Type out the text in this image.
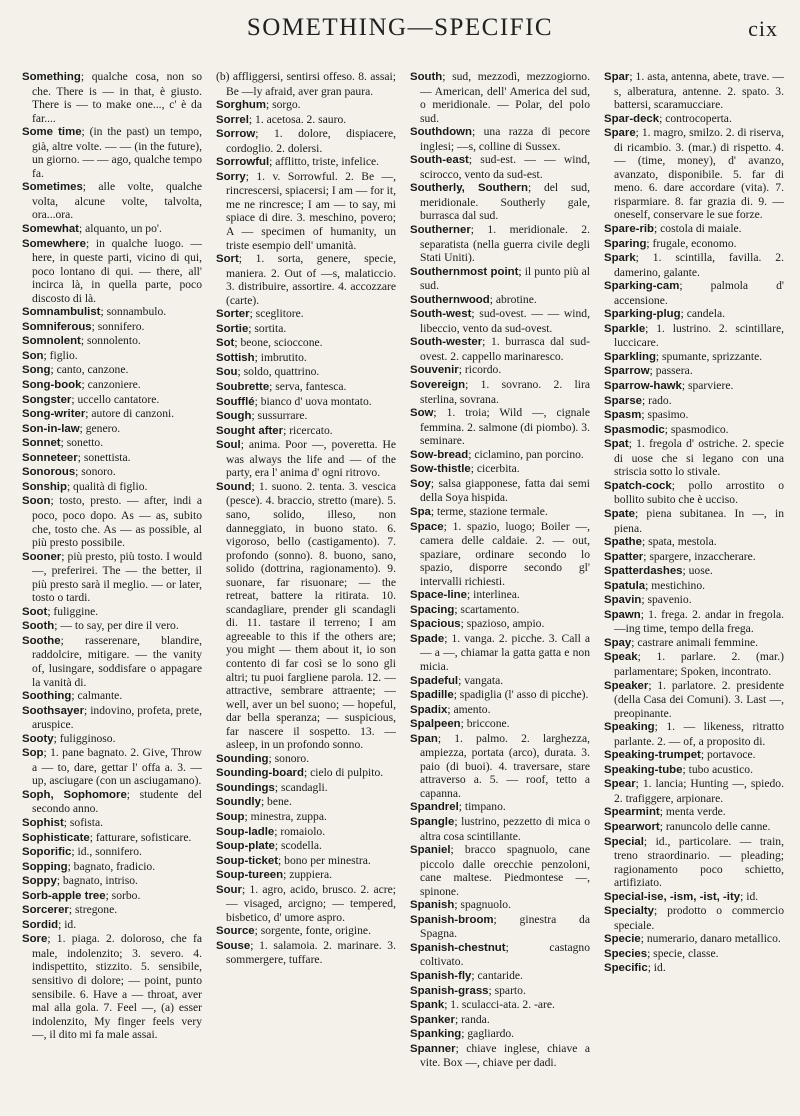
SOMETHING—SPECIFIC	cix

Something; qualche cosa, non so che. There is — in that, è giusto. There is — to make one..., c' è da far....

Some time; (in the past) un tempo, già, altre volte. — — (in the future), un giorno. — — ago, qualche tempo fa.

Sometimes; alle volte, qualche volta, alcune volte, talvolta, ora...ora.

Somewhat; alquanto, un po'.

Somewhere; in qualche luogo. — here, in queste parti, vicino di qui, poco lontano di qui. — there, all' incirca là, in quella parte, poco discosto di là.

Somnambulist; sonnambulo.

Somniferous; sonnifero.

Somnolent; sonnolento.

Son; figlio.

Song; canto, canzone.

Song-book; canzoniere.

Songster; uccello cantatore.

Song-writer; autore di canzoni.

Son-in-law; genero.

Sonnet; sonetto.

Sonneteer; sonettista.

Sonorous; sonoro.

Sonship; qualità di figlio.

Soon; tosto, presto. — after, indi a poco, poco dopo. As — as, subito che, tosto che. As — as possible, al più presto possibile.

Sooner; più presto, più tosto. I would —, preferirei. The — the better, il più presto sarà il meglio. — or later, tosto o tardi.

Soot; fuliggine.

Sooth; — to say, per dire il vero.

Soothe; rasserenare, blandire, raddolcire, mitigare. — the vanity of, lusingare, soddisfare o appagare la vanità di.

Soothing; calmante.

Soothsayer; indovino, profeta, prete, aruspice.

Sooty; fuligginoso.

Sop; 1. pane bagnato. 2. Give, Throw a — to, dare, gettar l' offa a. 3. — up, asciugare (con un asciugamano).

Soph, Sophomore; studente del secondo anno.

Sophist; sofista.

Sophisticate; fatturare, sofisticare.

Soporific; id., sonnifero.

Sopping; bagnato, fradicio.

Soppy; bagnato, intriso.

Sorb-apple tree; sorbo.

Sorcerer; stregone.

Sordid; id.

Sore; 1. piaga. 2. doloroso, che fa male, indolenzito; 3. severo. 4. indispettito, stizzito. 5. sensibile, sensitivo di dolore; — point, punto sensibile. 6. Have a — throat, aver mal alla gola. 7. Feel —, (a) esser indolenzito, My finger feels very —, il dito mi fa male assai.

(b) affliggersi, sentirsi offeso. 8. assai; Be —ly afraid, aver gran paura.

Sorghum; sorgo.

Sorrel; 1. acetosa. 2. sauro.

Sorrow; 1. dolore, dispiacere, cordoglio. 2. dolersi.

Sorrowful; afflitto, triste, infelice.

Sorry; 1. v. Sorrowful. 2. Be —, rincrescersi, spiacersi; I am — for it, me ne rincresce; I am — to say, mi spiace di dire. 3. meschino, povero; A — specimen of humanity, un triste esempio dell' umanità.

Sort; 1. sorta, genere, specie, maniera. 2. Out of —s, malaticcio. 3. distribuire, assortire. 4. accozzare (carte).

Sorter; sceglitore.

Sortie; sortita.

Sot; beone, scioccone.

Sottish; imbrutito.

Sou; soldo, quattrino.

Soubrette; serva, fantesca.

Soufflé; bianco d' uova montato.

Sough; sussurrare.

Sought after; ricercato.

Soul; anima. Poor —, poveretta. He was always the life and — of the party, era l' anima d' ogni ritrovo.

Sound; 1. suono. 2. tenta. 3. vescica (pesce). 4. braccio, stretto (mare). 5. sano, solido, illeso, non danneggiato, in buono stato. 6. vigoroso, bello (castigamento). 7. profondo (sonno). 8. buono, sano, solido (dottrina, ragionamento). 9. suonare, far risuonare; — the retreat, battere la ritirata. 10. scandagliare, prender gli scandagli di. 11. tastare il terreno; I am agreeable to this if the others are; you might — them about it, io son contento di far così se lo sono gli altri; tu puoi fargliene parola. 12. — attractive, sembrare attraente; — well, aver un bel suono; — hopeful, dar bella speranza; — suspicious, far nascere il sospetto. 13. — asleep, in un profondo sonno.

Sounding; sonoro.

Sounding-board; cielo di pulpito.

Soundings; scandagli.

Soundly; bene.

Soup; minestra, zuppa.

Soup-ladle; romaiolo.

Soup-plate; scodella.

Soup-ticket; bono per minestra.

Soup-tureen; zuppiera.

Sour; 1. agro, acido, brusco. 2. acre; — visaged, arcigno; — tempered, bisbetico, d' umore aspro.

Source; sorgente, fonte, origine.

Souse; 1. salamoia. 2. marinare. 3. sommergere, tuffare.

South; sud, mezzodì, mezzogiorno. — American, dell' America del sud, o meridionale. — Polar, del polo sud.

Southdown; una razza di pecore inglesi; —s, colline di Sussex.

South-east; sud-est. — — wind, scirocco, vento da sud-est.

Southerly, Southern; del sud, meridionale. Southerly gale, burrasca dal sud.

Southerner; 1. meridionale. 2. separatista (nella guerra civile degli Stati Uniti).

Southernmost point; il punto più al sud.

Southernwood; abrotine.

South-west; sud-ovest. — — wind, libeccio, vento da sud-ovest.

South-wester; 1. burrasca dal sud-ovest. 2. cappello marinaresco.

Souvenir; ricordo.

Sovereign; 1. sovrano. 2. lira sterlina, sovrana.

Sow; 1. troia; Wild —, cignale femmina. 2. salmone (di piombo). 3. seminare.

Sow-bread; ciclamino, pan porcino.

Sow-thistle; cicerbita.

Soy; salsa giapponese, fatta dai semi della Soya hispida.

Spa; terme, stazione termale.

Space; 1. spazio, luogo; Boiler —, camera delle caldaie. 2. — out, spaziare, ordinare secondo lo spazio, disporre secondo gl' intervalli richiesti.

Space-line; interlinea.

Spacing; scartamento.

Spacious; spazioso, ampio.

Spade; 1. vanga. 2. picche. 3. Call a — a —, chiamar la gatta gatta e non micia.

Spadeful; vangata.

Spadille; spadiglia (l' asso di picche).

Spadix; amento.

Spalpeen; briccone.

Span; 1. palmo. 2. larghezza, ampiezza, portata (arco), durata. 3. paio (di buoi). 4. traversare, stare attraverso a. 5. — roof, tetto a capanna.

Spandrel; timpano.

Spangle; lustrino, pezzetto di mica o altra cosa scintillante.

Spaniel; bracco spagnuolo, cane piccolo dalle orecchie penzoloni, cane maltese. Piedmontese —, spinone.

Spanish; spagnuolo.

Spanish-broom; ginestra da Spagna.

Spanish-chestnut; castagno coltivato.

Spanish-fly; cantaride.

Spanish-grass; sparto.

Spank; 1. sculacci-ata. 2. -are.

Spanker; randa.

Spanking; gagliardo.

Spanner; chiave inglese, chiave a vite. Box —, chiave per dadi.

Spar; 1. asta, antenna, abete, trave. —s, alberatura, antenne. 2. spato. 3. battersi, scaramucciare.

Spar-deck; controcoperta.

Spare; 1. magro, smilzo. 2. di riserva, di ricambio. 3. (mar.) di rispetto. 4. — (time, money), d' avanzo, avanzato, disponibile. 5. far di meno. 6. dare accordare (vita). 7. risparmiare. 8. far grazia di. 9. — oneself, conservare le sue forze.

Spare-rib; costola di maiale.

Sparing; frugale, economo.

Spark; 1. scintilla, favilla. 2. damerino, galante.

Sparking-cam; palmola d' accensione.

Sparking-plug; candela.

Sparkle; 1. lustrino. 2. scintillare, luccicare.

Sparkling; spumante, sprizzante.

Sparrow; passera.

Sparrow-hawk; sparviere.

Sparse; rado.

Spasm; spasimo.

Spasmodic; spasmodico.

Spat; 1. fregola d' ostriche. 2. specie di uose che si legano con una striscia sotto lo stivale.

Spatch-cock; pollo arrostito o bollito subito che è ucciso.

Spate; piena subitanea. In —, in piena.

Spathe; spata, mestola.

Spatter; spargere, inzaccherare.

Spatterdashes; uose.

Spatula; mestichino.

Spavin; spavenio.

Spawn; 1. frega. 2. andar in fregola. —ing time, tempo della frega.

Spay; castrare animali femmine.

Speak; 1. parlare. 2. (mar.) parlamentare; Spoken, incontrato.

Speaker; 1. parlatore. 2. presidente (della Casa dei Comuni). 3. Last —, preopinante.

Speaking; 1. — likeness, ritratto parlante. 2. — of, a proposito di.

Speaking-trumpet; portavoce.

Speaking-tube; tubo acustico.

Spear; 1. lancia; Hunting —, spiedo. 2. trafiggere, arpionare.

Spearmint; menta verde.

Spearwort; ranuncolo delle canne.

Special; id., particolare. — train, treno straordinario. — pleading; ragionamento poco schietto, artifiziato.

Special-ise, -ism, -ist, -ity; id.

Specialty; prodotto o commercio speciale.

Specie; numerario, danaro metallico.

Species; specie, classe.

Specific; id.
